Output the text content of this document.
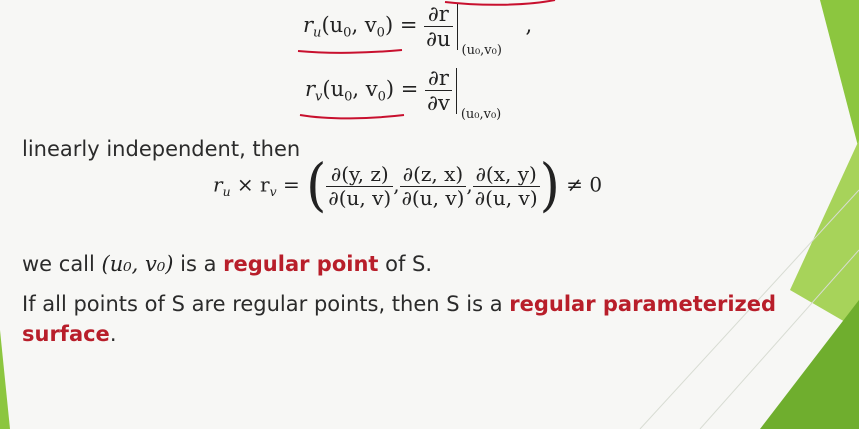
$r_u(u_0$, $v_0) = \frac{\partial r}{\partial u} (u_0,v_0)$
,
$r_v(u_0$, $v_0) = \frac{\partial r}{\partial v} (u_0,v_0)$
linearly independent, then
$r_u \times r_v$ = ( $\frac{\partial(y, z)}{\partial(u, v)}$ , $\frac{\partial(z, x)}{\partial(u, v)}$ , $\frac{\partial(x, y)}{\partial(u, v)}$ ) ≠ 0
we call (u₀, v₀) is a regular point of S.
If all points of S are regular points, then S is a regular parameterized
surface.
